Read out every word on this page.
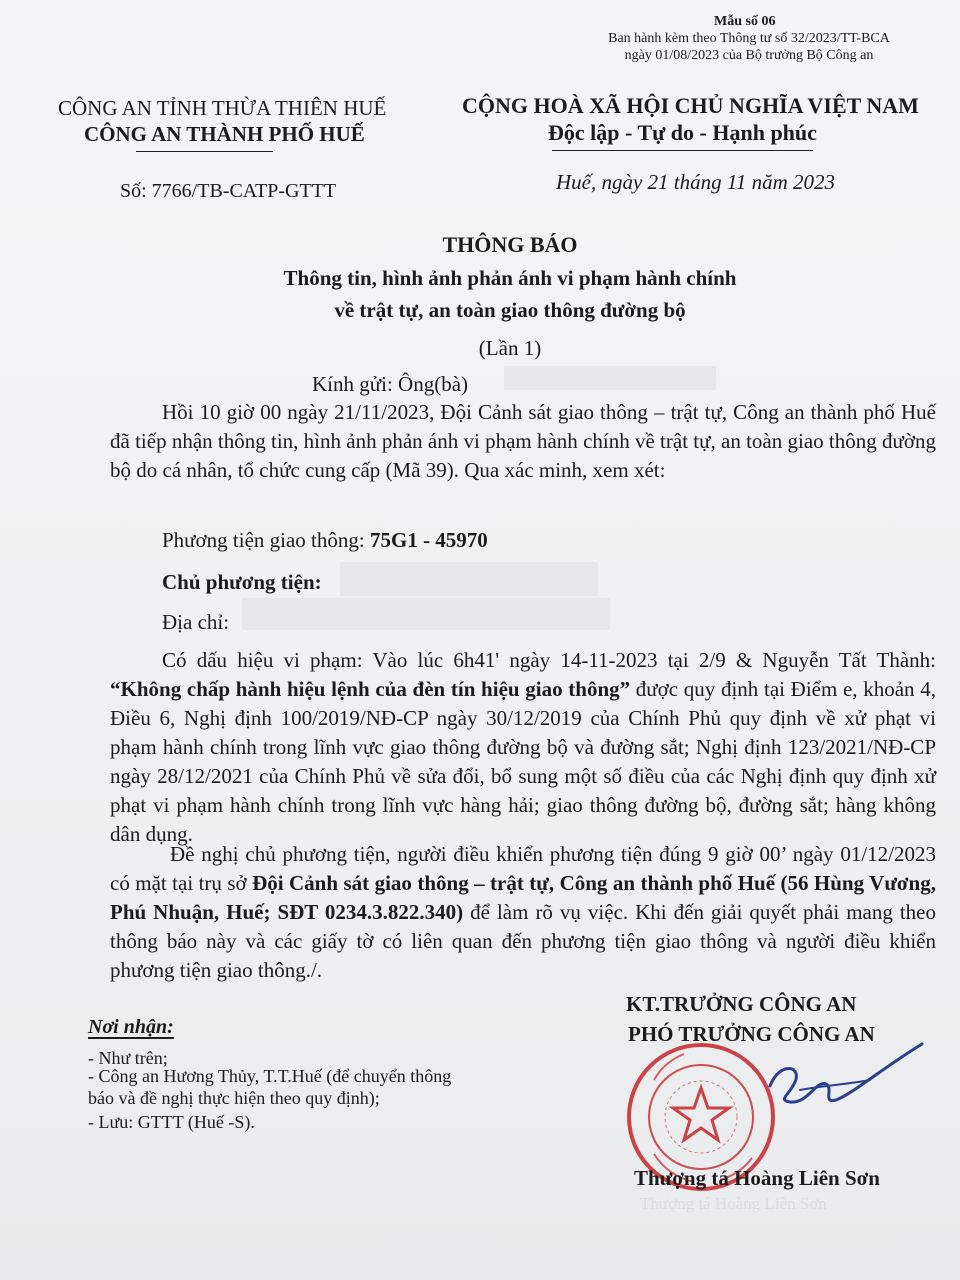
Mẫu số 06
Ban hành kèm theo Thông tư số 32/2023/TT-BCA
ngày 01/08/2023 của Bộ trưởng Bộ Công an
CÔNG AN TỈNH THỪA THIÊN HUẾ
CÔNG AN THÀNH PHỐ HUẾ
CỘNG HOÀ XÃ HỘI CHỦ NGHĨA VIỆT NAM
Độc lập - Tự do - Hạnh phúc
Số: 7766/TB-CATP-GTTT	Huế, ngày 21 tháng 11 năm 2023
THÔNG BÁO
Thông tin, hình ảnh phản ánh vi phạm hành chính
về trật tự, an toàn giao thông đường bộ
(Lần 1)
Kính gửi: Ông(bà)
Hồi 10 giờ 00 ngày 21/11/2023, Đội Cảnh sát giao thông – trật tự, Công an thành phố Huế đã tiếp nhận thông tin, hình ảnh phản ánh vi phạm hành chính về trật tự, an toàn giao thông đường bộ do cá nhân, tổ chức cung cấp (Mã 39). Qua xác minh, xem xét:
Phương tiện giao thông: 75G1 - 45970
Chủ phương tiện:
Địa chỉ:
Có dấu hiệu vi phạm: Vào lúc 6h41' ngày 14-11-2023 tại 2/9 & Nguyễn Tất Thành: “Không chấp hành hiệu lệnh của đèn tín hiệu giao thông” được quy định tại Điểm e, khoản 4, Điều 6, Nghị định 100/2019/NĐ-CP ngày 30/12/2019 của Chính Phủ quy định về xử phạt vi phạm hành chính trong lĩnh vực giao thông đường bộ và đường sắt; Nghị định 123/2021/NĐ-CP ngày 28/12/2021 của Chính Phủ về sửa đổi, bổ sung một số điều của các Nghị định quy định xử phạt vi phạm hành chính trong lĩnh vực hàng hải; giao thông đường bộ, đường sắt; hàng không dân dụng.
Đề nghị chủ phương tiện, người điều khiển phương tiện đúng 9 giờ 00’ ngày 01/12/2023 có mặt tại trụ sở Đội Cảnh sát giao thông – trật tự, Công an thành phố Huế (56 Hùng Vương, Phú Nhuận, Huế; SĐT 0234.3.822.340) để làm rõ vụ việc. Khi đến giải quyết phải mang theo thông báo này và các giấy tờ có liên quan đến phương tiện giao thông và người điều khiển phương tiện giao thông./.
Nơi nhận:
- Như trên;
- Công an Hương Thủy, T.T.Huế (để chuyển thông
báo và đề nghị thực hiện theo quy định);
- Lưu: GTTT (Huế -S).
KT.TRƯỞNG CÔNG AN
PHÓ TRƯỞNG CÔNG AN
Thượng tá Hoàng Liên Sơn
Thượng tá Hoàng Liên Sơn
